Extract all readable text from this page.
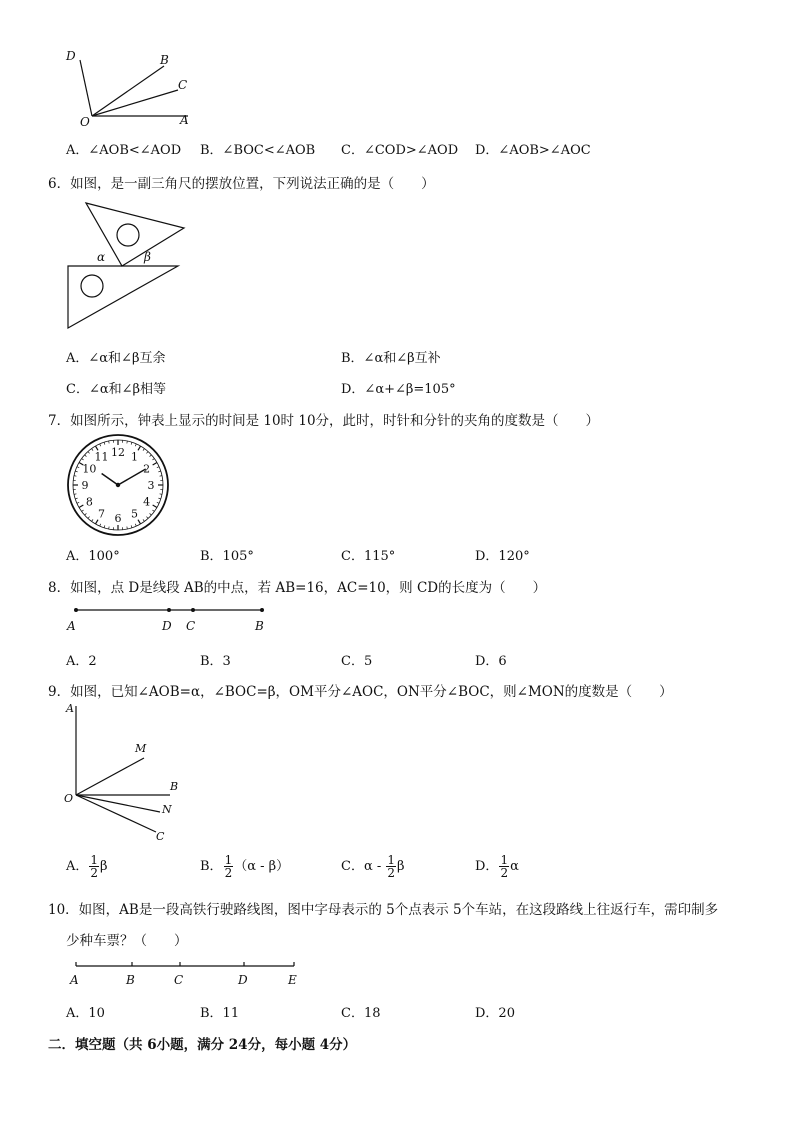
D	B
C
O	A
A．∠AOB<∠AOD B．∠BOC<∠AOB C．∠COD>∠AOD D．∠AOB>∠AOC
6．如图，是一副三角尺的摆放位置，下列说法正确的是（　　）
α	β
A．∠α和∠β互余	B．∠α和∠β互补
C．∠α和∠β相等	D．∠α+∠β=105°
7．如图所示，钟表上显示的时间是 10时 10分，此时，时针和分针的夹角的度数是（　　）
12 1
2
3
4
5
6
7
8
9
10
11
A．100°	B．105°	C．115°	D．120°
8．如图，点 D是线段 AB的中点，若 AB=16，AC=10，则 CD的长度为（　　）
A	D C	B
A．2	B．3	C．5	D．6
9．如图，已知∠AOB=α，∠BOC=β，OM平分∠AOC，ON平分∠BOC，则∠MON的度数是（　　）
A
M
B
O
N
C
A． $\frac{1}{2}$ β	B． $\frac{1}{2} (\alpha - \beta)$	C．α - $\frac{1}{2}$ β	D． $\frac{1}{2}$ α
10．如图，AB是一段高铁行驶路线图，图中字母表示的 5个点表示 5个车站，在这段路线上往返行车，需印制多
少种车票？（　　）
A	B	C	D	E
A．10	B．11	C．18	D．20
二．填空题（共 6小题，满分 24分，每小题 4分）
